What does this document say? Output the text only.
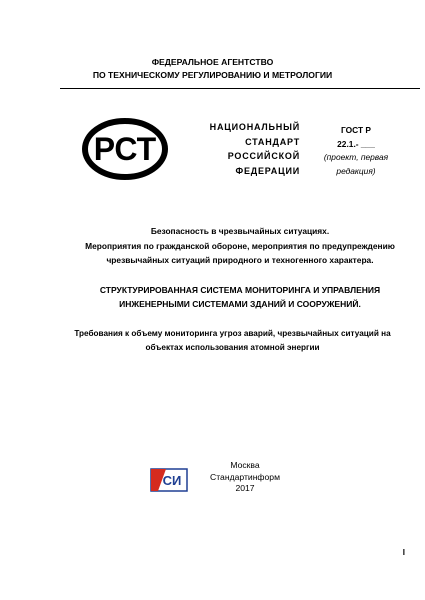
ФЕДЕРАЛЬНОЕ АГЕНТСТВО
ПО ТЕХНИЧЕСКОМУ РЕГУЛИРОВАНИЮ И МЕТРОЛОГИИ
РСТ
НАЦИОНАЛЬНЫЙ
СТАНДАРТ
РОССИЙСКОЙ
ФЕДЕРАЦИИ
ГОСТ Р
22.1.- ___
(проект, первая
редакция)
Безопасность в чрезвычайных ситуациях.
Мероприятия по гражданской обороне, мероприятия по предупреждению
чрезвычайных ситуаций природного и техногенного характера.
СТРУКТУРИРОВАННАЯ СИСТЕМА МОНИТОРИНГА И УПРАВЛЕНИЯ
ИНЖЕНЕРНЫМИ СИСТЕМАМИ ЗДАНИЙ И СООРУЖЕНИЙ.
Требования к объему мониторинга угроз аварий, чрезвычайных ситуаций на
объектах использования атомной энергии
СИ
Москва
Стандартинформ
2017
I
